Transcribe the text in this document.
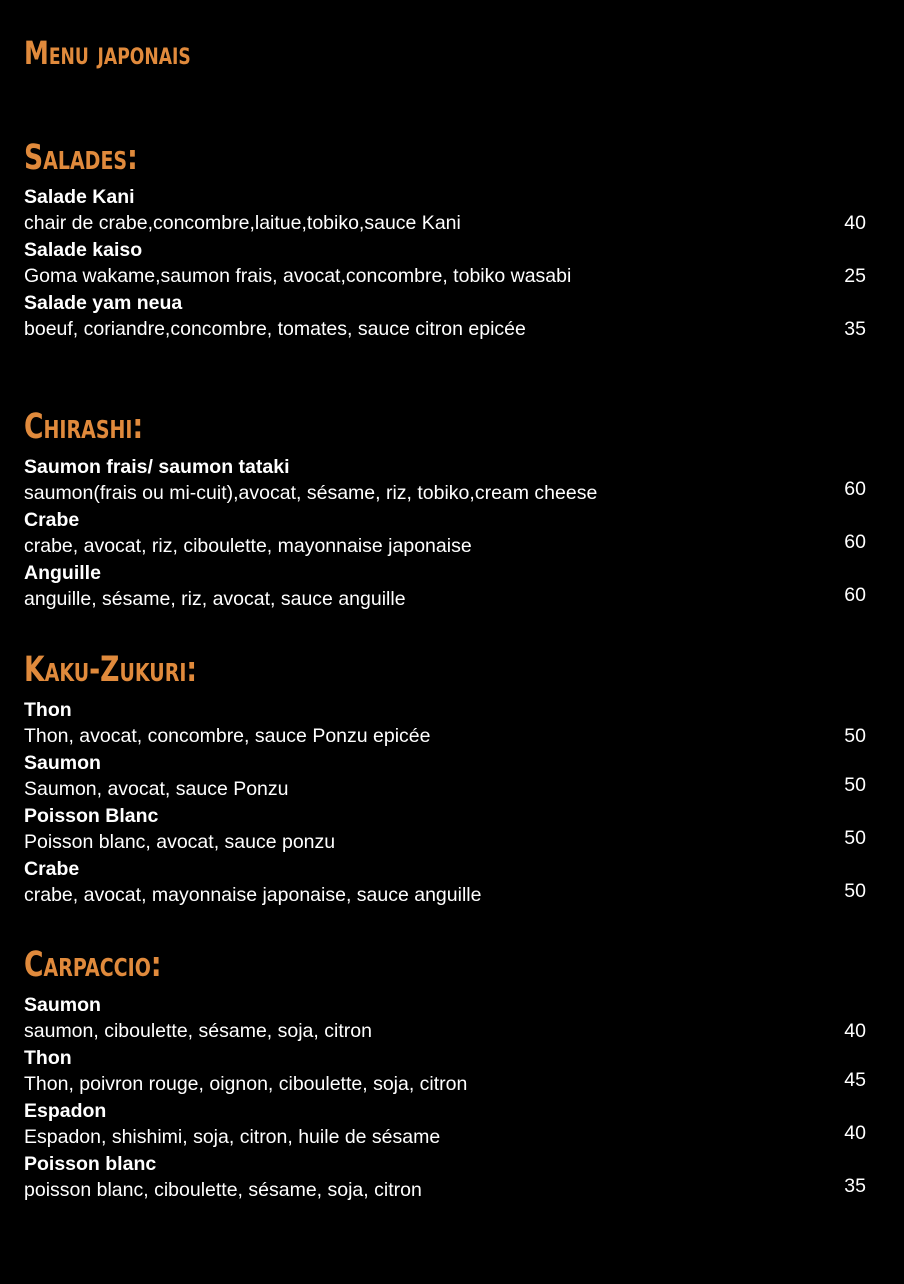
Menu japonais
Salades:
Salade Kani
chair de crabe,concombre,laitue,tobiko,sauce Kani	40
Salade kaiso
Goma wakame,saumon frais, avocat,concombre, tobiko wasabi	25
Salade yam neua
boeuf, coriandre,concombre, tomates, sauce citron epicée	35
Chirashi:
Saumon frais/ saumon tataki
saumon(frais ou mi-cuit),avocat, sésame, riz, tobiko,cream cheese	60
Crabe
crabe, avocat, riz, ciboulette, mayonnaise japonaise	60
Anguille
anguille, sésame, riz, avocat, sauce anguille	60
Kaku-Zukuri:
Thon
Thon, avocat, concombre, sauce Ponzu epicée	50
Saumon
Saumon, avocat, sauce Ponzu	50
Poisson Blanc
Poisson blanc, avocat, sauce ponzu	50
Crabe
crabe, avocat, mayonnaise japonaise, sauce anguille	50
Carpaccio:
Saumon
saumon, ciboulette, sésame, soja, citron	40
Thon
Thon, poivron rouge, oignon, ciboulette, soja, citron	45
Espadon
Espadon, shishimi, soja, citron, huile de sésame	40
Poisson blanc
poisson blanc, ciboulette, sésame, soja, citron	35
